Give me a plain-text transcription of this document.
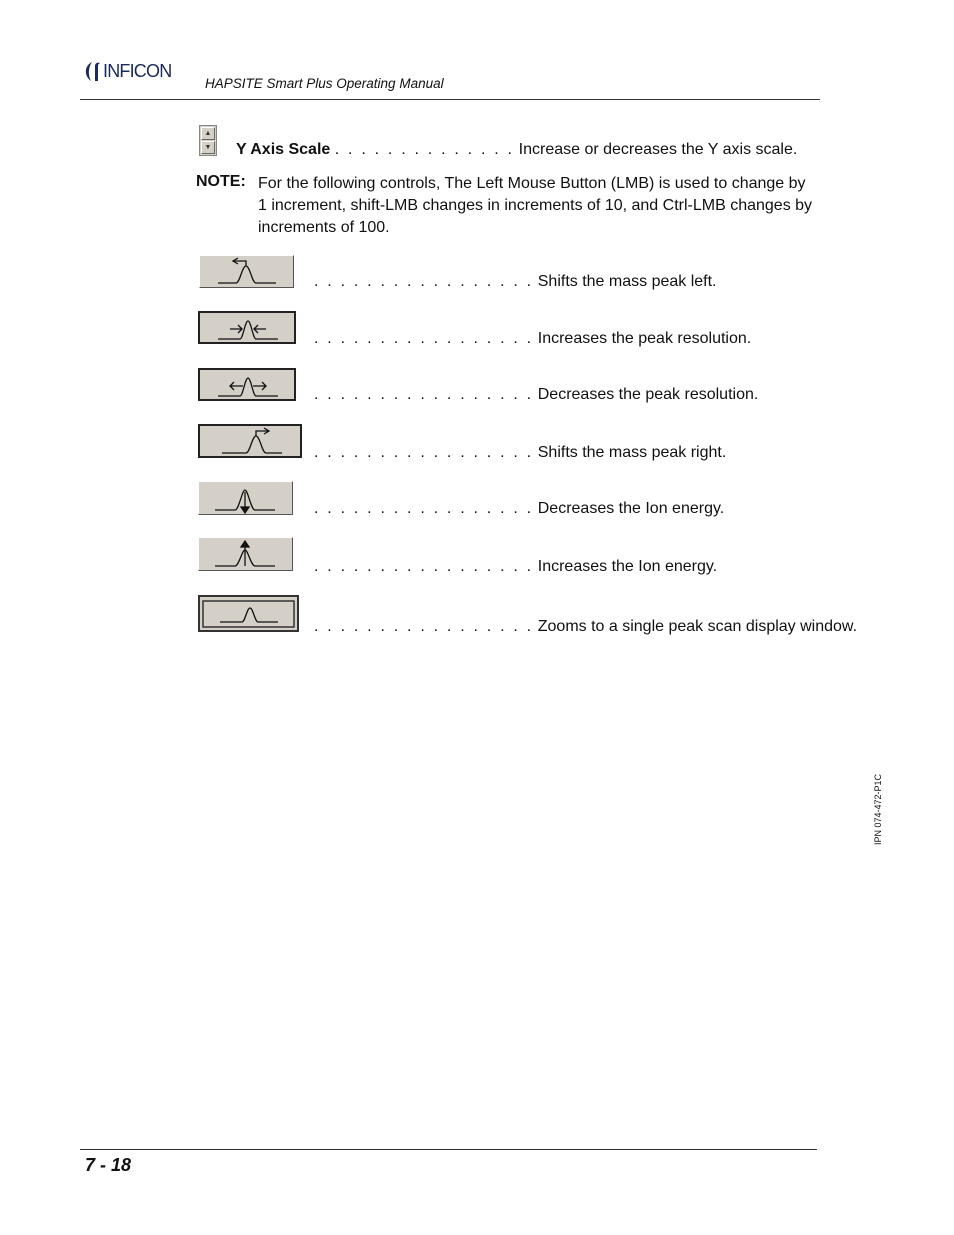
INFICON
HAPSITE Smart Plus Operating Manual
▲
▼ Y Axis Scale . . . . . . . . . . . . . . Increase or decreases the Y axis scale.
NOTE: For the following controls, The Left Mouse Button (LMB) is used to change by 1 increment, shift-LMB changes in increments of 10, and Ctrl-LMB changes by increments of 100.
. . . . . . . . . . . . . . . . . Shifts the mass peak left.
. . . . . . . . . . . . . . . . . Increases the peak resolution.
. . . . . . . . . . . . . . . . . Decreases the peak resolution.
. . . . . . . . . . . . . . . . . Shifts the mass peak right.
. . . . . . . . . . . . . . . . . Decreases the Ion energy.
. . . . . . . . . . . . . . . . . Increases the Ion energy.
. . . . . . . . . . . . . . . . . Zooms to a single peak scan display window.
IPN 074-472-P1C
7 - 18
